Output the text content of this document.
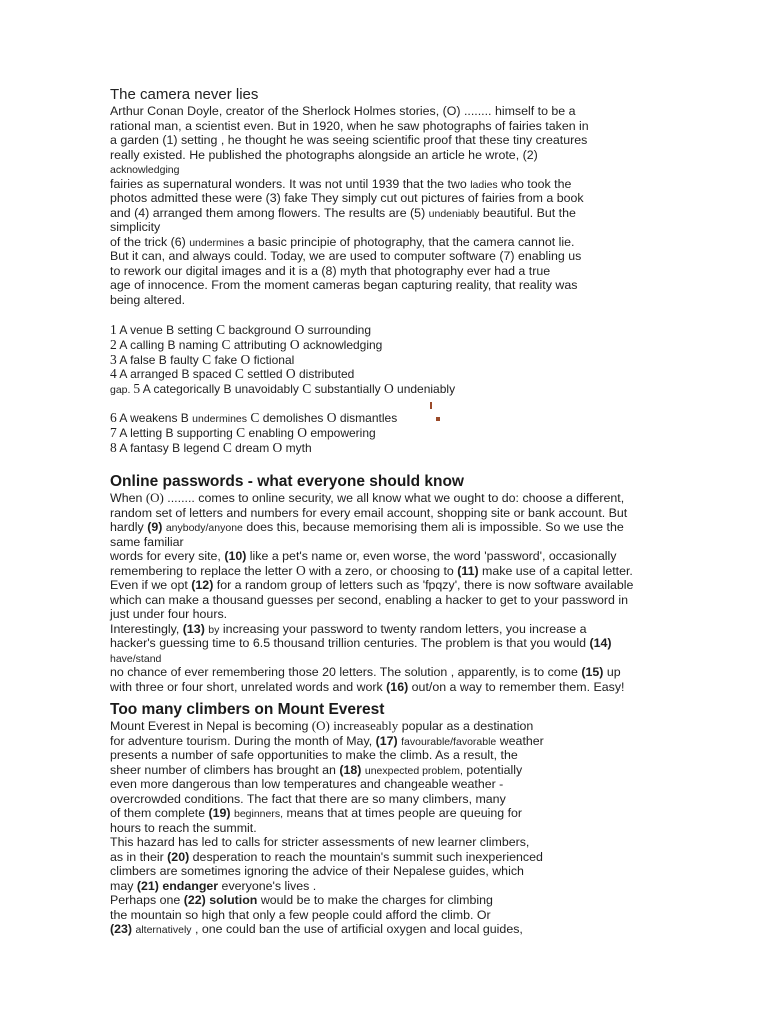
The camera never lies
Arthur Conan Doyle, creator of the Sherlock Holmes stories, (O) ........ himself to be a
rational man, a scientist even. But in 1920, when he saw photographs of fairies taken in
a garden (1) setting , he thought he was seeing scientific proof that these tiny creatures
really existed. He published the photographs alongside an article he wrote, (2)
acknowledging
fairies as supernatural wonders. It was not until 1939 that the two ladies who took the
photos admitted these were (3) fake They simply cut out pictures of fairies from a book
and (4) arranged them among flowers. The results are (5) undeniably beautiful. But the
simplicity
of the trick (6) undermines a basic principie of photography, that the camera cannot lie.
But it can, and always could. Today, we are used to computer software (7) enabling us
to rework our digital images and it is a (8) myth that photography ever had a true
age of innocence. From the moment cameras began capturing reality, that reality was
being altered.
1 A venue B setting C background O surrounding
2 A calling B naming C attributing O acknowledging
3 A false B faulty C fake O fictional
4 A arranged B spaced C settled O distributed
gap. 5 A categorically B unavoidably C substantially O undeniably
6 A weakens B undermines C demolishes O dismantles
7 A letting B supporting C enabling O empowering
8 A fantasy B legend C dream O myth
Online passwords - what everyone should know
When (O) ........ comes to online security, we all know what we ought to do: choose a different,
random set of letters and numbers for every email account, shopping site or bank account. But
hardly (9) anybody/anyone does this, because memorising them ali is impossible. So we use the
same familiar
words for every site, (10) like a pet's name or, even worse, the word 'password', occasionally
remembering to replace the letter O with a zero, or choosing to (11) make use of a capital letter.
Even if we opt (12) for a random group of letters such as 'fpqzy', there is now software available
which can make a thousand guesses per second, enabling a hacker to get to your password in
just under four hours.
Interestingly, (13) by increasing your password to twenty random letters, you increase a
hacker's guessing time to 6.5 thousand trillion centuries. The problem is that you would (14)
have/stand
no chance of ever remembering those 20 letters. The solution , apparently, is to come (15) up
with three or four short, unrelated words and work (16) out/on a way to remember them. Easy!
Too many climbers on Mount Everest
Mount Everest in Nepal is becoming (O) increaseably popular as a destination
for adventure tourism. During the month of May, (17) favourable/favorable weather
presents a number of safe opportunities to make the climb. As a result, the
sheer number of climbers has brought an (18) unexpected problem, potentially
even more dangerous than low temperatures and changeable weather -
overcrowded conditions. The fact that there are so many climbers, many
of them complete (19) beginners, means that at times people are queuing for
hours to reach the summit.
This hazard has led to calls for stricter assessments of new learner climbers,
as in their (20) desperation to reach the mountain's summit such inexperienced
climbers are sometimes ignoring the advice of their Nepalese guides, which
may (21) endanger everyone's lives .
Perhaps one (22) solution would be to make the charges for climbing
the mountain so high that only a few people could afford the climb. Or
(23) alternatively , one could ban the use of artificial oxygen and local guides,
